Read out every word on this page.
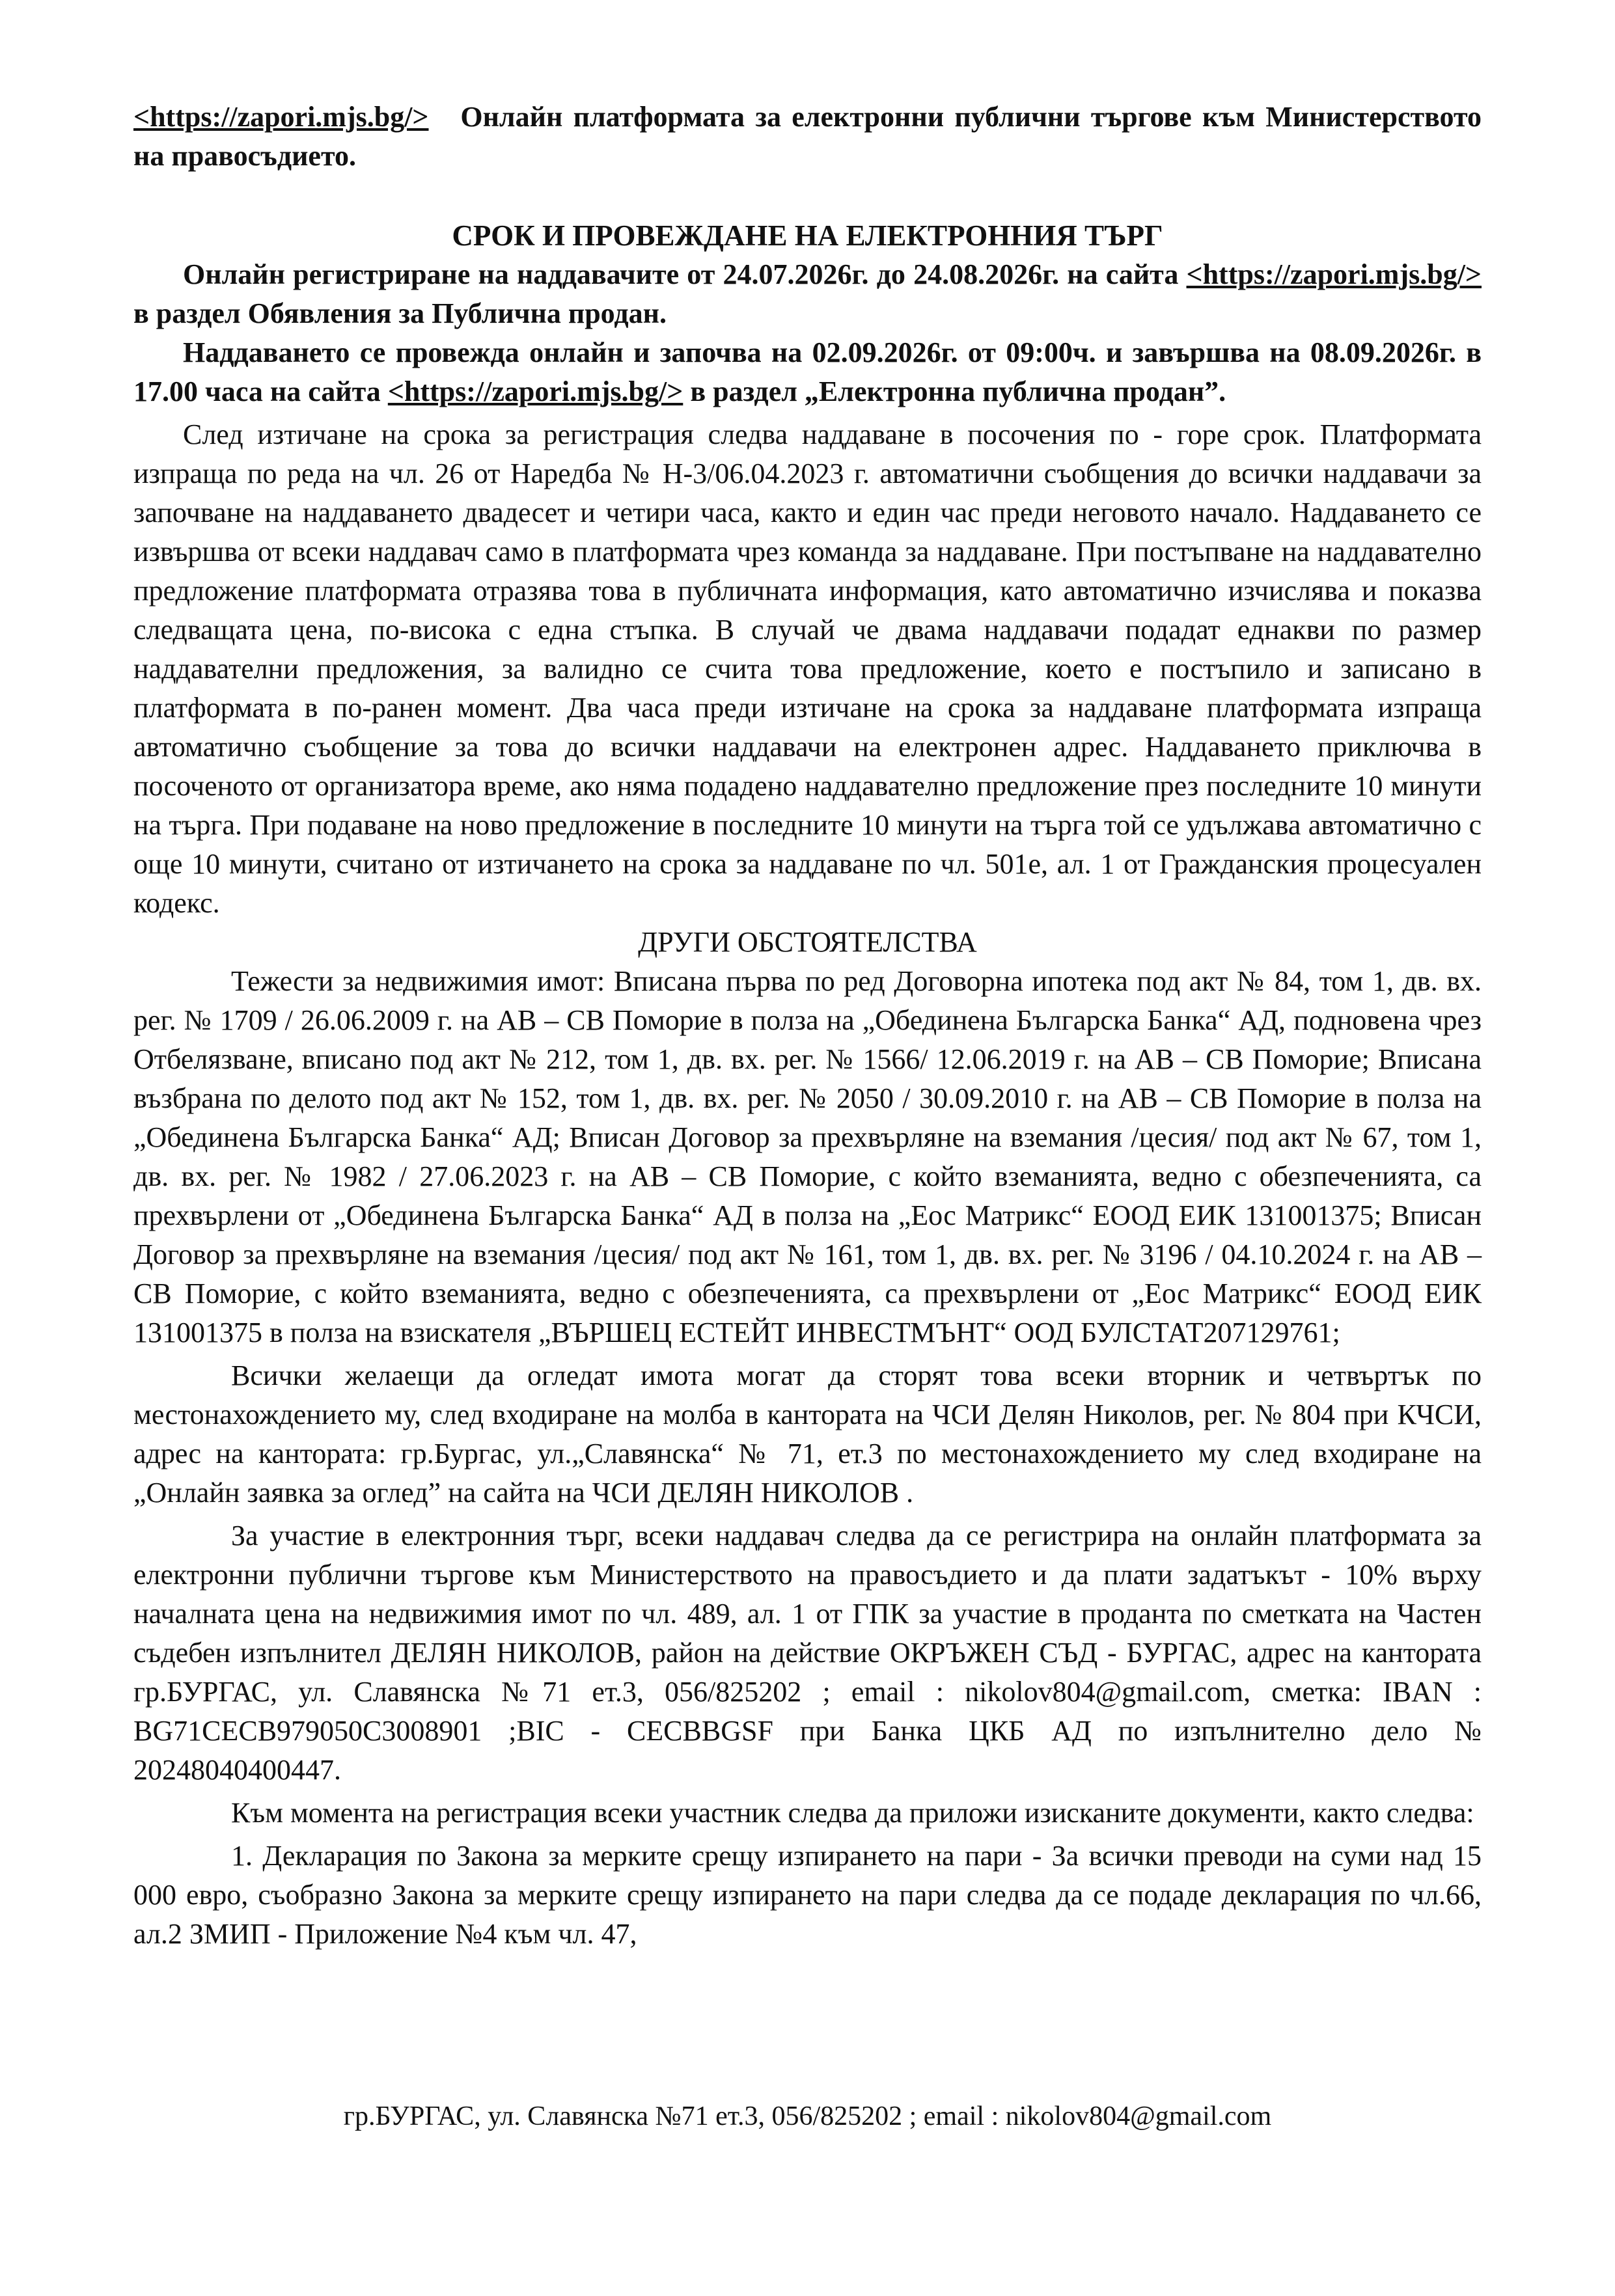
<https://zapori.mjs.bg/> Онлайн платформата за електронни публични търгове към Министерството на правосъдието.

СРОК И ПРОВЕЖДАНЕ НА ЕЛЕКТРОННИЯ ТЪРГ

Онлайн регистриране на наддавачите от 24.07.2026г. до 24.08.2026г. на сайта <https://zapori.mjs.bg/> в раздел Обявления за Публична продан.

Наддаването се провежда онлайн и започва на 02.09.2026г. от 09:00ч. и завършва на 08.09.2026г. в 17.00 часа на сайта <https://zapori.mjs.bg/> в раздел „Електронна публична продан”.

След изтичане на срока за регистрация следва наддаване в посочения по - горе срок. Платформата изпраща по реда на чл. 26 от Наредба № Н-3/06.04.2023 г. автоматични съобщения до всички наддавачи за започване на наддаването двадесет и четири часа, както и един час преди неговото начало. Наддаването се извършва от всеки наддавач само в платформата чрез команда за наддаване. При постъпване на наддавателно предложение платформата отразява това в публичната информация, като автоматично изчислява и показва следващата цена, по-висока с една стъпка. В случай че двама наддавачи подадат еднакви по размер наддавателни предложения, за валидно се счита това предложение, което е постъпило и записано в платформата в по-ранен момент. Два часа преди изтичане на срока за наддаване платформата изпраща автоматично съобщение за това до всички наддавачи на електронен адрес. Наддаването приключва в посоченото от организатора време, ако няма подадено наддавателно предложение през последните 10 минути на търга. При подаване на ново предложение в последните 10 минути на търга той се удължава автоматично с още 10 минути, считано от изтичането на срока за наддаване по чл. 501е, ал. 1 от Гражданския процесуален кодекс.

ДРУГИ ОБСТОЯТЕЛСТВА

Тежести за недвижимия имот: Вписана първа по ред Договорна ипотека под акт № 84, том 1, дв. вх. рег. № 1709 / 26.06.2009 г. на АВ – СВ Поморие в полза на „Обединена Българска Банка“ АД, подновена чрез Отбелязване, вписано под акт № 212, том 1, дв. вх. рег. № 1566/ 12.06.2019 г. на АВ – СВ Поморие; Вписана възбрана по делото под акт № 152, том 1, дв. вх. рег. № 2050 / 30.09.2010 г. на АВ – СВ Поморие в полза на „Обединена Българска Банка“ АД; Вписан Договор за прехвърляне на вземания /цесия/ под акт № 67, том 1, дв. вх. рег. № 1982 / 27.06.2023 г. на АВ – СВ Поморие, с който вземанията, ведно с обезпеченията, са прехвърлени от „Обединена Българска Банка“ АД в полза на „Еос Матрикс“ ЕООД ЕИК 131001375; Вписан Договор за прехвърляне на вземания /цесия/ под акт № 161, том 1, дв. вх. рег. № 3196 / 04.10.2024 г. на АВ – СВ Поморие, с който вземанията, ведно с обезпеченията, са прехвърлени от „Еос Матрикс“ ЕООД ЕИК 131001375 в полза на взискателя „ВЪРШЕЦ ЕСТЕЙТ ИНВЕСТМЪНТ“ ООД БУЛСТАТ207129761;

Всички желаещи да огледат имота могат да сторят това всеки вторник и четвъртък по местонахождението му, след входиране на молба в кантората на ЧСИ Делян Николов, рег. № 804 при КЧСИ, адрес на кантората: гр.Бургас, ул.„Славянска“ № 71, ет.3 по местонахождението му след входиране на „Онлайн заявка за оглед” на сайта на ЧСИ ДЕЛЯН НИКОЛОВ .

За участие в електронния търг, всеки наддавач следва да се регистрира на онлайн платформата за електронни публични търгове към Министерството на правосъдието и да плати задатъкът - 10% върху началната цена на недвижимия имот по чл. 489, ал. 1 от ГПК за участие в проданта по сметката на Частен съдебен изпълнител ДЕЛЯН НИКОЛОВ, район на действие ОКРЪЖЕН СЪД - БУРГАС, адрес на кантората гр.БУРГАС, ул. Славянска №71 ет.3, 056/825202 ; email : nikolov804@gmail.com, сметка: IBAN : BG71CECB979050C3008901 ;BIC - CECBBGSF при Банка ЦКБ АД по изпълнително дело № 20248040400447.

Към момента на регистрация всеки участник следва да приложи изисканите документи, както следва:

1. Декларация по Закона за мерките срещу изпирането на пари - За всички преводи на суми над 15 000 евро, съобразно Закона за мерките срещу изпирането на пари следва да се подаде декларация по чл.66, ал.2 ЗМИП - Приложение №4 към чл. 47,

гр.БУРГАС, ул. Славянска №71 ет.3, 056/825202 ; email : nikolov804@gmail.com
